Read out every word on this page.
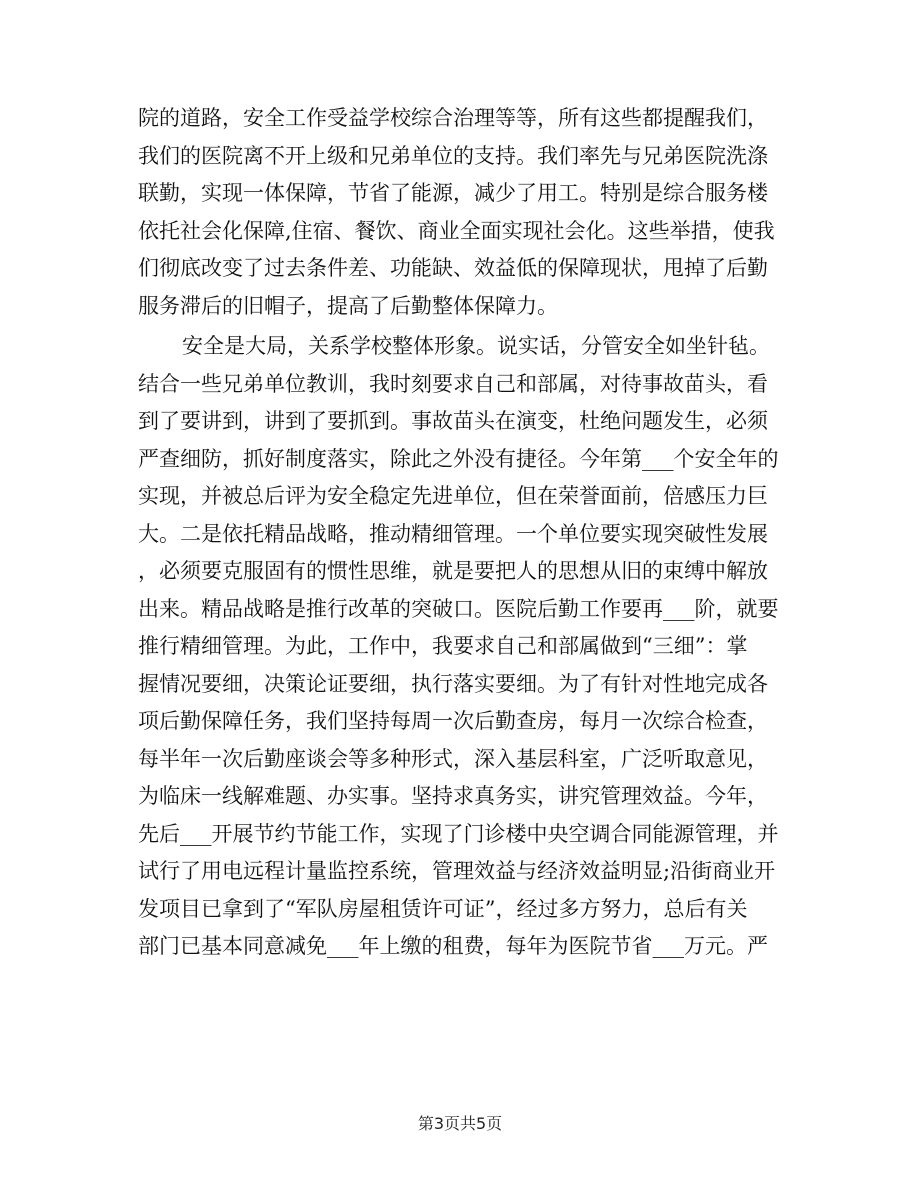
院的道路，安全工作受益学校综合治理等等，所有这些都提醒我们，
我们的医院离不开上级和兄弟单位的支持。我们率先与兄弟医院洗涤
联勤，实现一体保障，节省了能源，减少了用工。特别是综合服务楼
依托社会化保障,住宿、餐饮、商业全面实现社会化。这些举措，使我
们彻底改变了过去条件差、功能缺、效益低的保障现状，甩掉了后勤
服务滞后的旧帽子，提高了后勤整体保障力。
安全是大局，关系学校整体形象。说实话，分管安全如坐针毡。
结合一些兄弟单位教训，我时刻要求自己和部属，对待事故苗头，看
到了要讲到，讲到了要抓到。事故苗头在演变，杜绝问题发生，必须
严查细防，抓好制度落实，除此之外没有捷径。今年第___个安全年的
实现，并被总后评为安全稳定先进单位，但在荣誉面前，倍感压力巨
大。二是依托精品战略，推动精细管理。一个单位要实现突破性发展
，必须要克服固有的惯性思维，就是要把人的思想从旧的束缚中解放
出来。精品战略是推行改革的突破口。医院后勤工作要再___阶，就要
推行精细管理。为此，工作中，我要求自己和部属做到“三细”：掌
握情况要细，决策论证要细，执行落实要细。为了有针对性地完成各
项后勤保障任务，我们坚持每周一次后勤查房，每月一次综合检查，
每半年一次后勤座谈会等多种形式，深入基层科室，广泛听取意见，
为临床一线解难题、办实事。坚持求真务实，讲究管理效益。今年，
先后___开展节约节能工作，实现了门诊楼中央空调合同能源管理，并
试行了用电远程计量监控系统，管理效益与经济效益明显;沿街商业开
发项目已拿到了“军队房屋租赁许可证”，经过多方努力，总后有关
部门已基本同意减免___年上缴的租费，每年为医院节省___万元。严
第3页共5页
